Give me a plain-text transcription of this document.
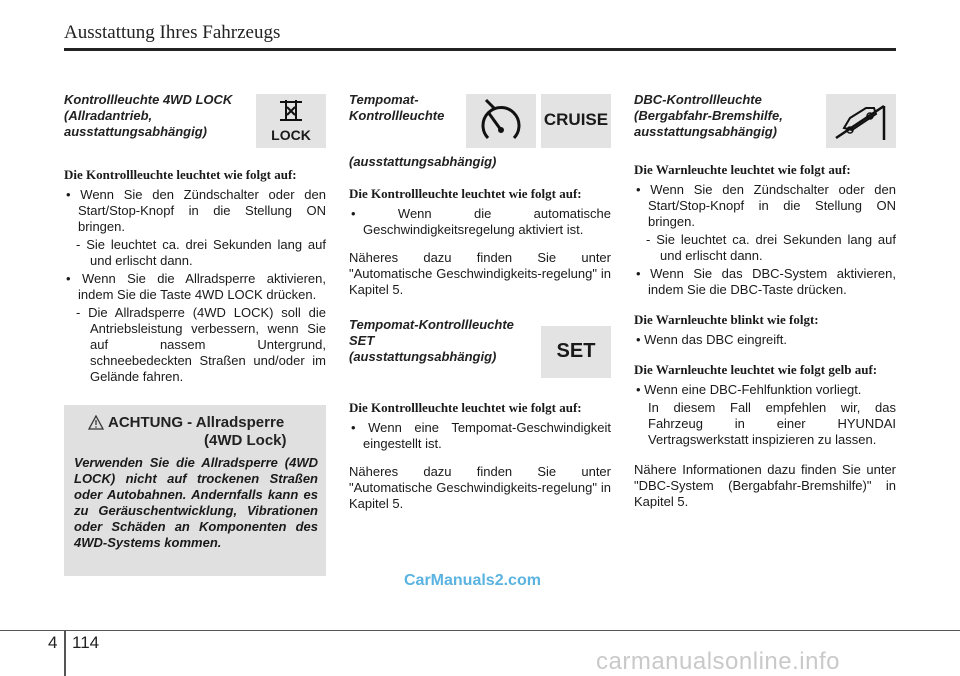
Ausstattung Ihres Fahrzeugs
LOCK
Kontrollleuchte 4WD LOCK
(Allradantrieb,
ausstattungsabhängig)
Die Kontrollleuchte leuchtet wie folgt auf:
• Wenn Sie den Zündschalter oder den Start/Stop-Knopf in die Stellung ON bringen.
- Sie leuchtet ca. drei Sekunden lang auf und erlischt dann.
• Wenn Sie die Allradsperre aktivieren, indem Sie die Taste 4WD LOCK drücken.
- Die Allradsperre (4WD LOCK) soll die Antriebsleistung verbessern, wenn Sie auf nassem Untergrund, schneebedeckten Straßen und/oder im Gelände fahren.
ACHTUNG - Allradsperre
(4WD Lock)
Verwenden Sie die Allradsperre (4WD LOCK) nicht auf trockenen Straßen oder Autobahnen. Andernfalls kann es zu Geräuschentwicklung, Vibrationen oder Schäden an Komponenten des 4WD-Systems kommen.
CRUISE
Tempomat-
Kontrollleuchte
(ausstattungsabhängig)
Die Kontrollleuchte leuchtet wie folgt auf:
• Wenn die automatische Geschwindigkeitsregelung aktiviert ist.
Näheres dazu finden Sie unter "Automatische Geschwindigkeits-regelung" in Kapitel 5.
Tempomat-Kontrollleuchte
SET
(ausstattungsabhängig)
Die Kontrollleuchte leuchtet wie folgt auf:
• Wenn eine Tempomat-Geschwindigkeit eingestellt ist.
Näheres dazu finden Sie unter "Automatische Geschwindigkeits-regelung" in Kapitel 5.
SET
DBC-Kontrollleuchte
(Bergabfahr-Bremshilfe,
ausstattungsabhängig)
Die Warnleuchte leuchtet wie folgt auf:
• Wenn Sie den Zündschalter oder den Start/Stop-Knopf in die Stellung ON bringen.
- Sie leuchtet ca. drei Sekunden lang auf und erlischt dann.
• Wenn Sie das DBC-System aktivieren, indem Sie die DBC-Taste drücken.
Die Warnleuchte blinkt wie folgt:
• Wenn das DBC eingreift.
Die Warnleuchte leuchtet wie folgt gelb auf:
• Wenn eine DBC-Fehlfunktion vorliegt.
In diesem Fall empfehlen wir, das Fahrzeug in einer HYUNDAI Vertragswerkstatt inspizieren zu lassen.
Nähere Informationen dazu finden Sie unter "DBC-System (Bergabfahr-Bremshilfe)" in Kapitel 5.
CarManuals2.com
4 114
carmanualsonline.info
